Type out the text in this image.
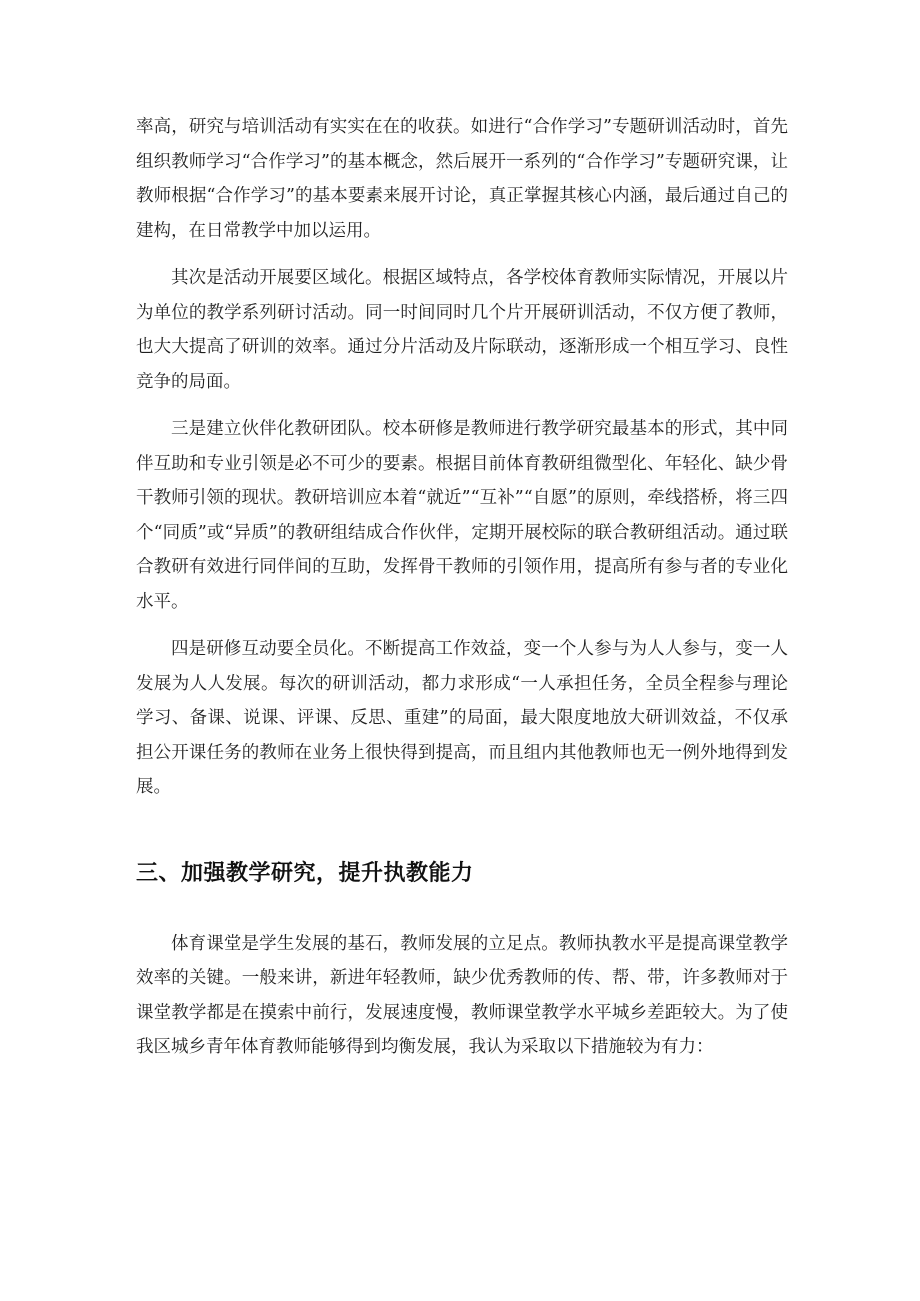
率高，研究与培训活动有实实在在的收获。如进行“合作学习”专题研训活动时，首先组织教师学习“合作学习”的基本概念，然后展开一系列的“合作学习”专题研究课，让教师根据“合作学习”的基本要素来展开讨论，真正掌握其核心内涵，最后通过自己的建构，在日常教学中加以运用。

其次是活动开展要区域化。根据区域特点，各学校体育教师实际情况，开展以片为单位的教学系列研讨活动。同一时间同时几个片开展研训活动，不仅方便了教师，也大大提高了研训的效率。通过分片活动及片际联动，逐渐形成一个相互学习、良性竞争的局面。

三是建立伙伴化教研团队。校本研修是教师进行教学研究最基本的形式，其中同伴互助和专业引领是必不可少的要素。根据目前体育教研组微型化、年轻化、缺少骨干教师引领的现状。教研培训应本着“就近”“互补”“自愿”的原则，牵线搭桥，将三四个“同质”或“异质”的教研组结成合作伙伴，定期开展校际的联合教研组活动。通过联合教研有效进行同伴间的互助，发挥骨干教师的引领作用，提高所有参与者的专业化水平。

四是研修互动要全员化。不断提高工作效益，变一个人参与为人人参与，变一人发展为人人发展。每次的研训活动，都力求形成“一人承担任务，全员全程参与理论学习、备课、说课、评课、反思、重建”的局面，最大限度地放大研训效益，不仅承担公开课任务的教师在业务上很快得到提高，而且组内其他教师也无一例外地得到发展。

三、加强教学研究，提升执教能力

体育课堂是学生发展的基石，教师发展的立足点。教师执教水平是提高课堂教学效率的关键。一般来讲，新进年轻教师，缺少优秀教师的传、帮、带，许多教师对于课堂教学都是在摸索中前行，发展速度慢，教师课堂教学水平城乡差距较大。为了使我区城乡青年体育教师能够得到均衡发展，我认为采取以下措施较为有力：
